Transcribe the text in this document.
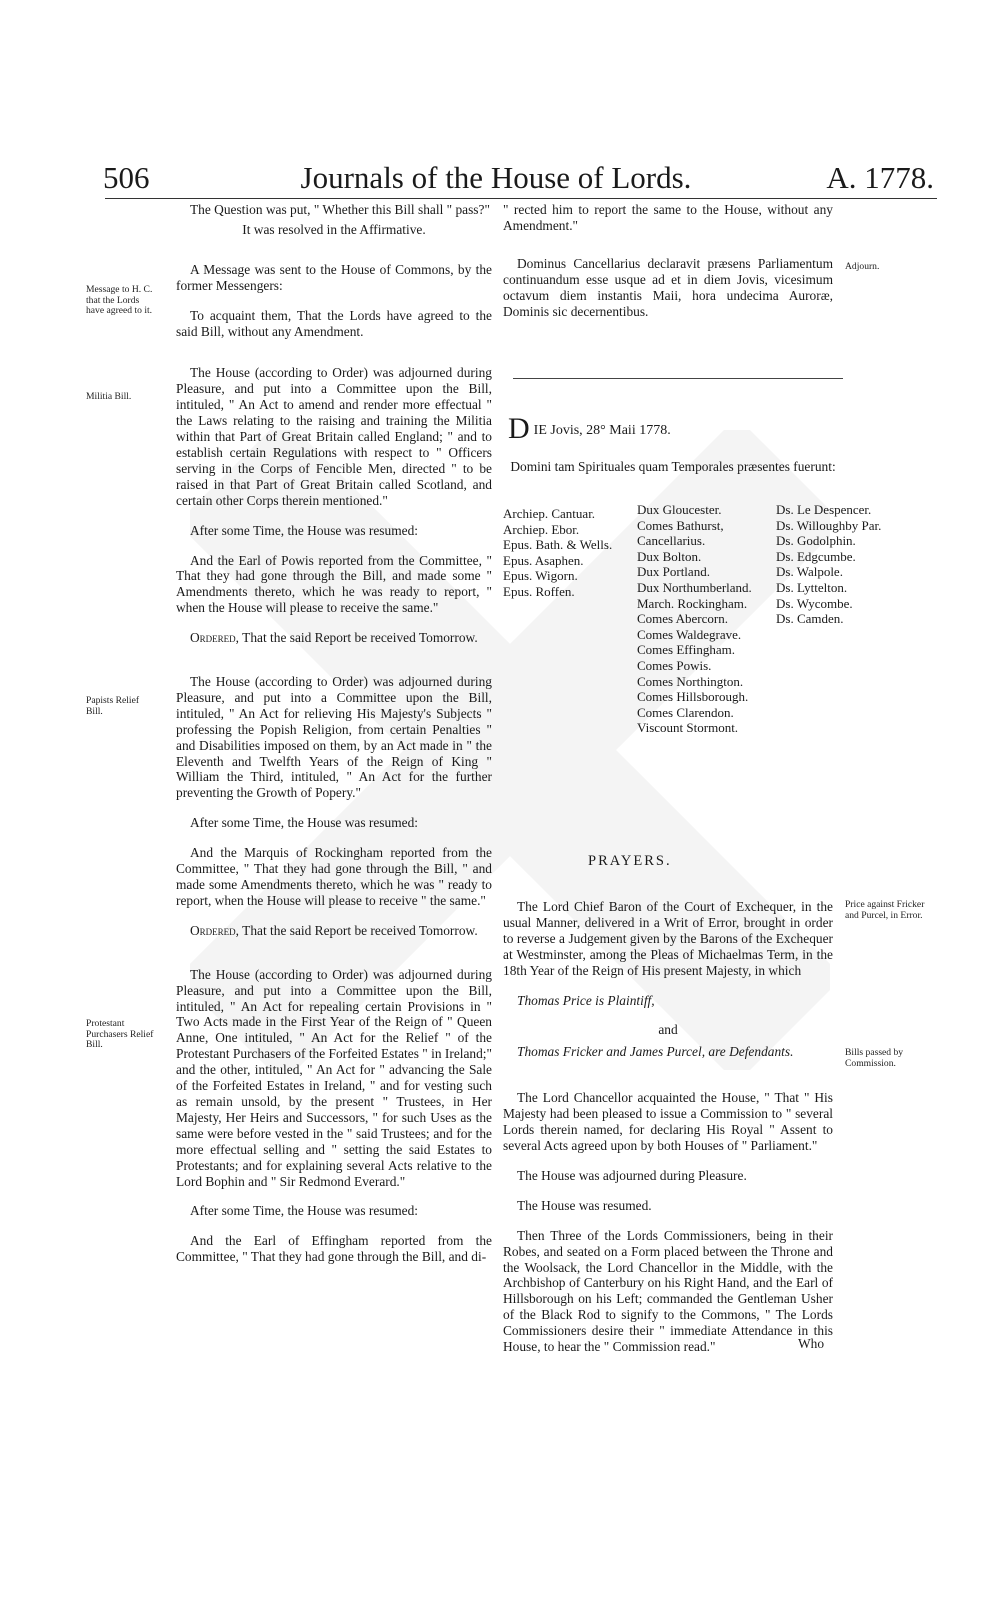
506	Journals of the House of Lords.	A. 1778.

The Question was put, " Whether this Bill shall " pass?"

It was resolved in the Affirmative.

A Message was sent to the House of Commons, by the former Messengers:

To acquaint them, That the Lords have agreed to the said Bill, without any Amendment.

The House (according to Order) was adjourned during Pleasure, and put into a Committee upon the Bill, intituled, " An Act to amend and render more effectual " the Laws relating to the raising and training the Militia within that Part of Great Britain called England; " and to establish certain Regulations with respect to " Officers serving in the Corps of Fencible Men, directed " to be raised in that Part of Great Britain called Scotland, and certain other Corps therein mentioned."

After some Time, the House was resumed:

And the Earl of Powis reported from the Committee, " That they had gone through the Bill, and made some " Amendments thereto, which he was ready to report, " when the House will please to receive the same."

Ordered, That the said Report be received Tomorrow.

The House (according to Order) was adjourned during Pleasure, and put into a Committee upon the Bill, intituled, " An Act for relieving His Majesty's Subjects " professing the Popish Religion, from certain Penalties " and Disabilities imposed on them, by an Act made in " the Eleventh and Twelfth Years of the Reign of King " William the Third, intituled, " An Act for the further preventing the Growth of Popery."

After some Time, the House was resumed:

And the Marquis of Rockingham reported from the Committee, " That they had gone through the Bill, " and made some Amendments thereto, which he was " ready to report, when the House will please to receive " the same."

Ordered, That the said Report be received Tomorrow.

The House (according to Order) was adjourned during Pleasure, and put into a Committee upon the Bill, intituled, " An Act for repealing certain Provisions in " Two Acts made in the First Year of the Reign of " Queen Anne, One intituled, " An Act for the Relief " of the Protestant Purchasers of the Forfeited Estates " in Ireland;" and the other, intituled, " An Act for " advancing the Sale of the Forfeited Estates in Ireland, " and for vesting such as remain unsold, by the present " Trustees, in Her Majesty, Her Heirs and Successors, " for such Uses as the same were before vested in the " said Trustees; and for the more effectual selling and " setting the said Estates to Protestants; and for explaining several Acts relative to the Lord Bophin and " Sir Redmond Everard."

After some Time, the House was resumed:

And the Earl of Effingham reported from the Committee, " That they had gone through the Bill, and di-

Message to H. C. that the Lords have agreed to it.
Militia Bill.
Papists Relief Bill.
Protestant Purchasers Relief Bill.

" rected him to report the same to the House, without any Amendment."

Dominus Cancellarius declaravit præsens Parliamentum continuandum esse usque ad et in diem Jovis, vicesimum octavum diem instantis Maii, hora undecima Auroræ, Dominis sic decernentibus.

Adjourn.
DIE Jovis, 28° Maii 1778.
Domini tam Spirituales quam Temporales præsentes fuerunt:
Archiep. Cantuar.
Archiep. Ebor.
Epus. Bath. & Wells.
Epus. Asaphen.
Epus. Wigorn.
Epus. Roffen.
Dux Gloucester.
Comes Bathurst, Cancellarius.
Dux Bolton.
Dux Portland.
Dux Northumberland.
March. Rockingham.
Comes Abercorn.
Comes Waldegrave.
Comes Effingham.
Comes Powis.
Comes Northington.
Comes Hillsborough.
Comes Clarendon.
Viscount Stormont.
Ds. Le Despencer.
Ds. Willoughby Par.
Ds. Godolphin.
Ds. Edgcumbe.
Ds. Walpole.
Ds. Lyttelton.
Ds. Wycombe.
Ds. Camden.
PRAYERS.

The Lord Chief Baron of the Court of Exchequer, in the usual Manner, delivered in a Writ of Error, brought in order to reverse a Judgement given by the Barons of the Exchequer at Westminster, among the Pleas of Michaelmas Term, in the 18th Year of the Reign of His present Majesty, in which

Thomas Price is Plaintiff,

and

Thomas Fricker and James Purcel, are Defendants.

The Lord Chancellor acquainted the House, " That " His Majesty had been pleased to issue a Commission to " several Lords therein named, for declaring His Royal " Assent to several Acts agreed upon by both Houses of " Parliament."

The House was adjourned during Pleasure.

The House was resumed.

Then Three of the Lords Commissioners, being in their Robes, and seated on a Form placed between the Throne and the Woolsack, the Lord Chancellor in the Middle, with the Archbishop of Canterbury on his Right Hand, and the Earl of Hillsborough on his Left; commanded the Gentleman Usher of the Black Rod to signify to the Commons, " The Lords Commissioners desire their " immediate Attendance in this House, to hear the " Commission read."

Price against Fricker and Purcel, in Error.
Bills passed by Commission.
Who
